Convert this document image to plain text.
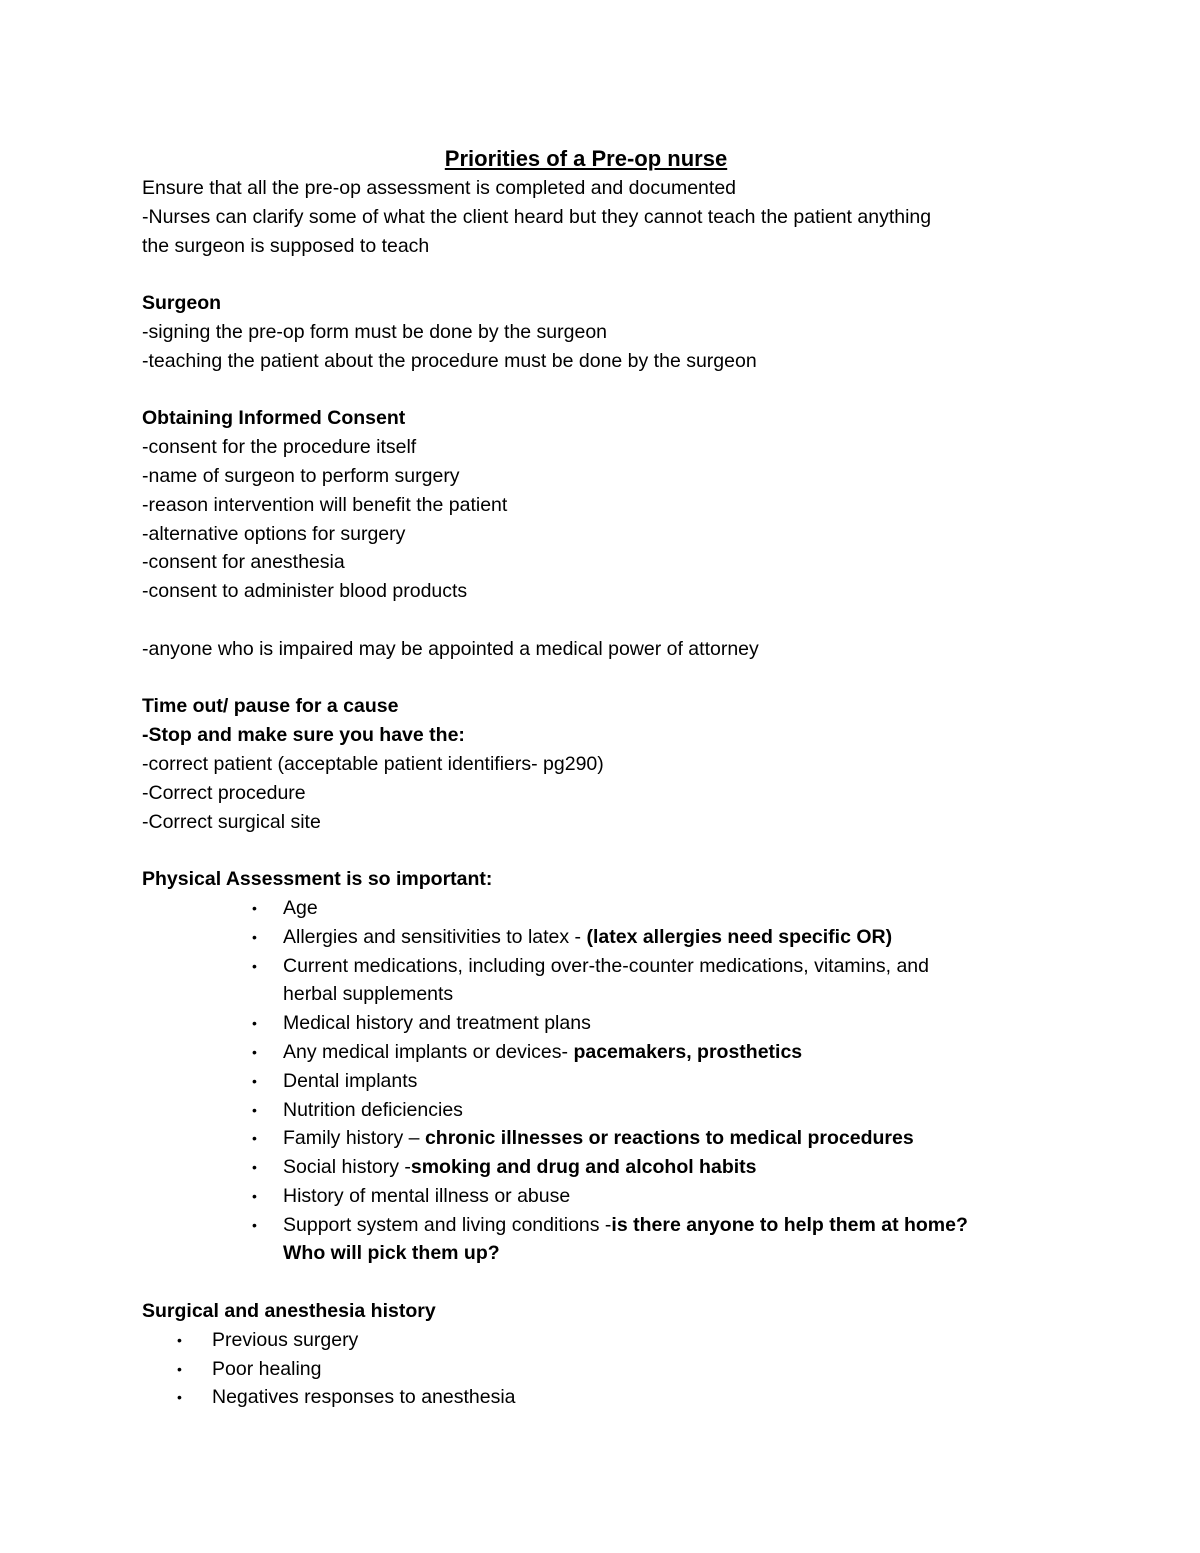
Priorities of a Pre-op nurse
Ensure that all the pre-op assessment is completed and documented
-Nurses can clarify some of what the client heard but they cannot teach the patient anything
the surgeon is supposed to teach
Surgeon
-signing the pre-op form must be done by the surgeon
-teaching the patient about the procedure must be done by the surgeon
Obtaining Informed Consent
-consent for the procedure itself
-name of surgeon to perform surgery
-reason intervention will benefit the patient
-alternative options for surgery
-consent for anesthesia
-consent to administer blood products
-anyone who is impaired may be appointed a medical power of attorney
Time out/ pause for a cause
-Stop and make sure you have the:
-correct patient (acceptable patient identifiers- pg290)
-Correct procedure
-Correct surgical site
Physical Assessment is so important:
• Age
• Allergies and sensitivities to latex - (latex allergies need specific OR)
• Current medications, including over-the-counter medications, vitamins, and
herbal supplements
• Medical history and treatment plans
• Any medical implants or devices- pacemakers, prosthetics
• Dental implants
• Nutrition deficiencies
• Family history – chronic illnesses or reactions to medical procedures
• Social history -smoking and drug and alcohol habits
• History of mental illness or abuse
• Support system and living conditions -is there anyone to help them at home?
Who will pick them up?
Surgical and anesthesia history
• Previous surgery
• Poor healing
• Negatives responses to anesthesia
